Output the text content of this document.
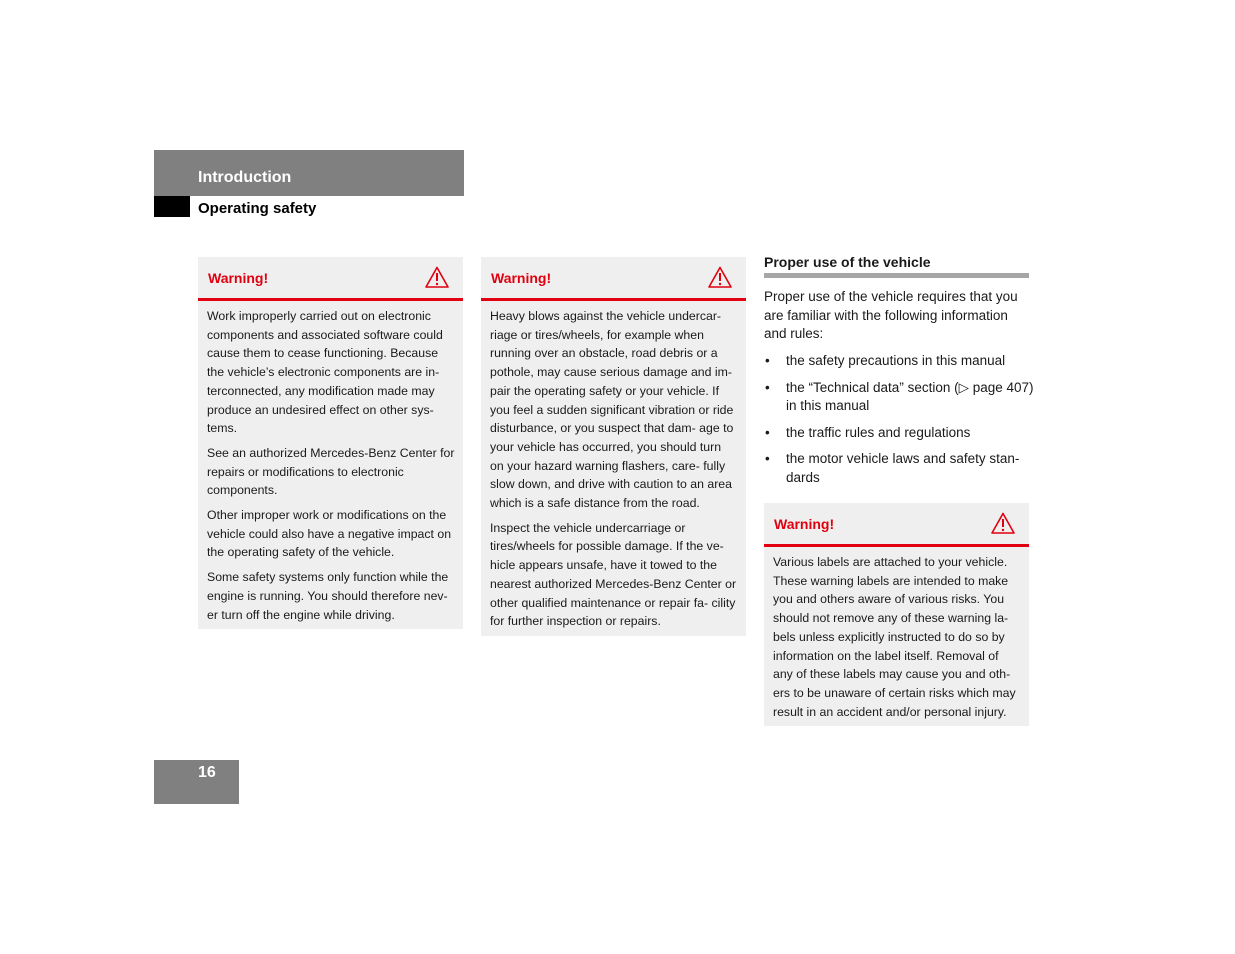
Introduction
Operating safety
Warning!

Work improperly carried out on electronic components and associated software could cause them to cease functioning. Because the vehicle’s electronic components are in- terconnected, any modification made may produce an undesired effect on other sys- tems.

See an authorized Mercedes-Benz Center for repairs or modifications to electronic components.

Other improper work or modifications on the vehicle could also have a negative impact on the operating safety of the vehicle.

Some safety systems only function while the engine is running. You should therefore nev- er turn off the engine while driving.

Warning!

Heavy blows against the vehicle undercar- riage or tires/wheels, for example when running over an obstacle, road debris or a pothole, may cause serious damage and im- pair the operating safety or your vehicle. If you feel a sudden significant vibration or ride disturbance, or you suspect that dam- age to your vehicle has occurred, you should turn on your hazard warning flashers, care- fully slow down, and drive with caution to an area which is a safe distance from the road.

Inspect the vehicle undercarriage or tires/wheels for possible damage. If the ve- hicle appears unsafe, have it towed to the nearest authorized Mercedes-Benz Center or other qualified maintenance or repair fa- cility for further inspection or repairs.

Proper use of the vehicle
Proper use of the vehicle requires that you are familiar with the following information and rules:
• the safety precautions in this manual
• the “Technical data” section (▷ page 407) in this manual
• the traffic rules and regulations
• the motor vehicle laws and safety stan- dards
Warning!

Various labels are attached to your vehicle. These warning labels are intended to make you and others aware of various risks. You should not remove any of these warning la- bels unless explicitly instructed to do so by information on the label itself. Removal of any of these labels may cause you and oth- ers to be unaware of certain risks which may result in an accident and/or personal injury.

16
